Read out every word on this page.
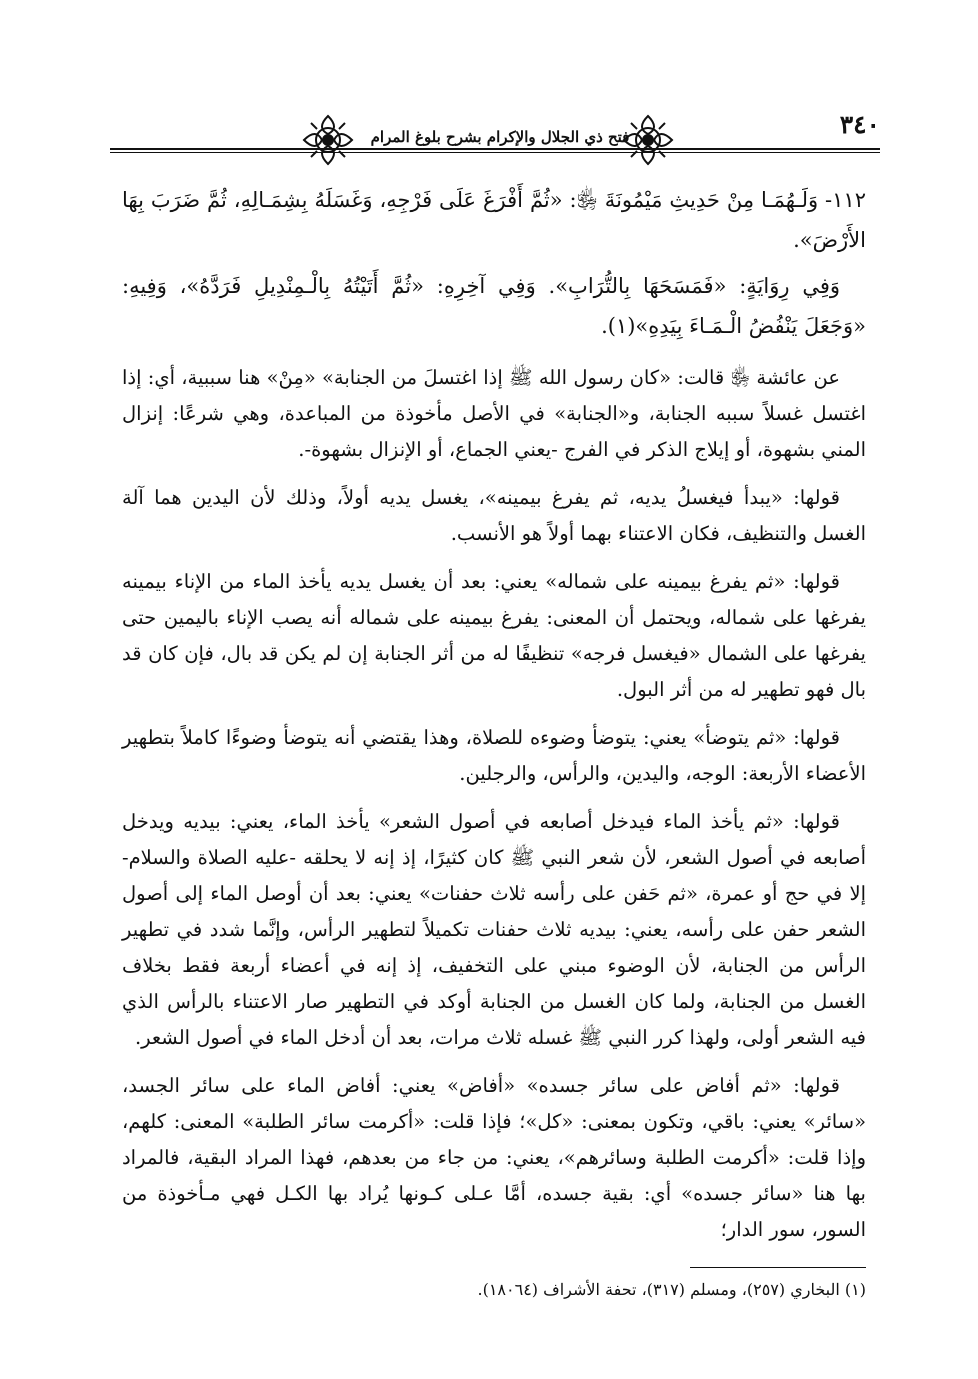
٣٤٠
فتح ذي الجلال والإكرام بشرح بلوغ المرام

١١٢- وَلَـهُمَـا مِنْ حَدِيثِ مَيْمُونَةَ ﵂: «ثُمَّ أَفْرَغَ عَلَى فَرْجِهِ، وَغَسَلَهُ بِشِمَـالِهِ، ثُمَّ ضَرَبَ بِهَا الأَرْضَ».

وَفِي رِوَايَةٍ: «فَمَسَحَهَا بِالتُّرَابِ». وَفِي آخِرِهِ: «ثُمَّ أَتَيْتُهُ بِالْـمِنْدِيلِ فَرَدَّهُ»، وَفِيهِ: «وَجَعَلَ يَنْفُضُ الْـمَـاءَ بِيَدِهِ»(١).

عن عائشة ﵂ قالت: «كان رسول الله ﷺ إذا اغتسلَ من الجنابة» «مِنْ» هنا سببية، أي: إذا اغتسل غسلاً سببه الجنابة، و«الجنابة» في الأصل مأخوذة من المباعدة، وهي شرعًا: إنزال المني بشهوة، أو إيلاج الذكر في الفرج -يعني الجماع، أو الإنزال بشهوة-.

قولها: «يبدأ فيغسلُ يديه، ثم يفرغ بيمينه»، يغسل يديه أولاً، وذلك لأن اليدين هما آلة الغسل والتنظيف، فكان الاعتناء بهما أولاً هو الأنسب.

قولها: «ثم يفرغ بيمينه على شماله» يعني: بعد أن يغسل يديه يأخذ الماء من الإناء بيمينه يفرغها على شماله، ويحتمل أن المعنى: يفرغ بيمينه على شماله أنه يصب الإناء باليمين حتى يفرغها على الشمال «فيغسل فرجه» تنظيفًا له من أثر الجنابة إن لم يكن قد بال، فإن كان قد بال فهو تطهير له من أثر البول.

قولها: «ثم يتوضأ» يعني: يتوضأ وضوءه للصلاة، وهذا يقتضي أنه يتوضأ وضوءًا كاملاً بتطهير الأعضاء الأربعة: الوجه، واليدين، والرأس، والرجلين.

قولها: «ثم يأخذ الماء فيدخل أصابعه في أصول الشعر» يأخذ الماء، يعني: بيديه ويدخل أصابعه في أصول الشعر، لأن شعر النبي ﷺ كان كثيرًا، إذ إنه لا يحلقه -عليه الصلاة والسلام- إلا في حج أو عمرة، «ثم حَفن على رأسه ثلاث حفنات» يعني: بعد أن أوصل الماء إلى أصول الشعر حفن على رأسه، يعني: بيديه ثلاث حفنات تكميلاً لتطهير الرأس، وإنَّما شدد في تطهير الرأس من الجنابة، لأن الوضوء مبني على التخفيف، إذ إنه في أعضاء أربعة فقط بخلاف الغسل من الجنابة، ولما كان الغسل من الجنابة أوكد في التطهير صار الاعتناء بالرأس الذي فيه الشعر أولى، ولهذا كرر النبي ﷺ غسله ثلاث مرات، بعد أن أدخل الماء في أصول الشعر.

قولها: «ثم أفاض على سائر جسده» «أفاض» يعني: أفاض الماء على سائر الجسد، «سائر» يعني: باقي، وتكون بمعنى: «كل»؛ فإذا قلت: «أكرمت سائر الطلبة» المعنى: كلهم، وإذا قلت: «أكرمت الطلبة وسائرهم»، يعني: من جاء من بعدهم، فهذا المراد البقية، فالمراد بها هنا «سائر جسده» أي: بقية جسده، أمَّا عـلى كـونها يُراد بها الكـل فهي مـأخوذة من السور، سور الدار؛

(١) البخاري (٢٥٧)، ومسلم (٣١٧)، تحفة الأشراف (١٨٠٦٤).
